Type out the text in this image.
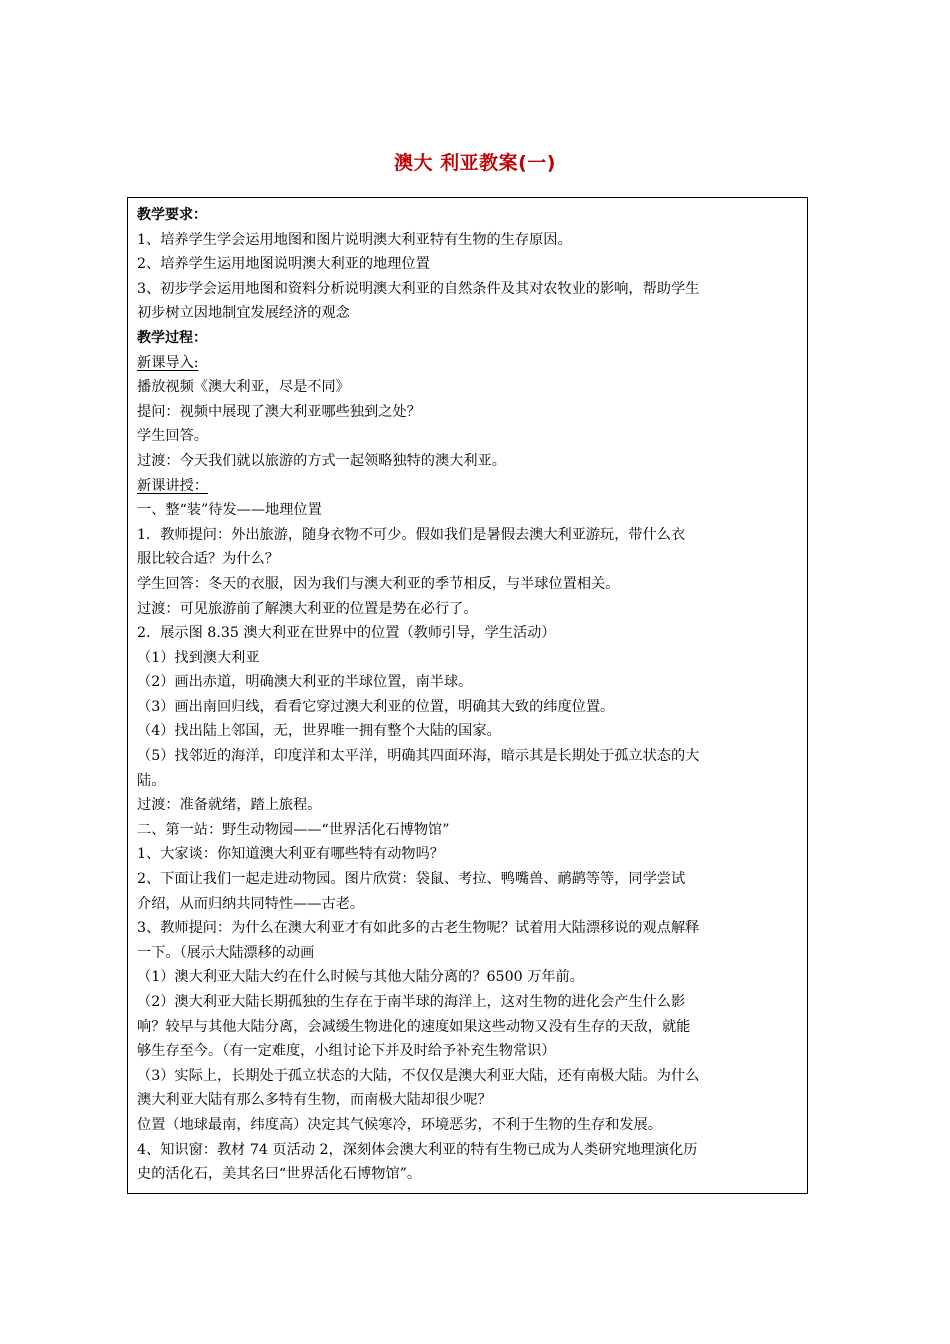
澳大 利亚教案(一)
教学要求：
1、培养学生学会运用地图和图片说明澳大利亚特有生物的生存原因。
2、培养学生运用地图说明澳大利亚的地理位置
3、初步学会运用地图和资料分析说明澳大利亚的自然条件及其对农牧业的影响，帮助学生
初步树立因地制宜发展经济的观念
教学过程：
新课导入:
播放视频《澳大利亚，尽是不同》
提问：视频中展现了澳大利亚哪些独到之处？
学生回答。
过渡：今天我们就以旅游的方式一起领略独特的澳大利亚。
新课讲授：
一、整“装”待发——地理位置
1．教师提问：外出旅游，随身衣物不可少。假如我们是暑假去澳大利亚游玩，带什么衣
服比较合适？为什么？
学生回答：冬天的衣服，因为我们与澳大利亚的季节相反，与半球位置相关。
过渡：可见旅游前了解澳大利亚的位置是势在必行了。
2．展示图 8.35 澳大利亚在世界中的位置（教师引导，学生活动）
（1）找到澳大利亚
（2）画出赤道，明确澳大利亚的半球位置，南半球。
（3）画出南回归线，看看它穿过澳大利亚的位置，明确其大致的纬度位置。
（4）找出陆上邻国，无，世界唯一拥有整个大陆的国家。
（5）找邻近的海洋，印度洋和太平洋，明确其四面环海，暗示其是长期处于孤立状态的大
陆。
过渡：准备就绪，踏上旅程。
二、第一站：野生动物园——“世界活化石博物馆”
1、大家谈：你知道澳大利亚有哪些特有动物吗？
2、下面让我们一起走进动物园。图片欣赏：袋鼠、考拉、鸭嘴兽、鸸鹋等等，同学尝试
介绍，从而归纳共同特性——古老。
3、教师提问：为什么在澳大利亚才有如此多的古老生物呢？试着用大陆漂移说的观点解释
一下。（展示大陆漂移的动画
（1）澳大利亚大陆大约在什么时候与其他大陆分离的？6500 万年前。
（2）澳大利亚大陆长期孤独的生存在于南半球的海洋上，这对生物的进化会产生什么影
响？较早与其他大陆分离，会减缓生物进化的速度如果这些动物又没有生存的天敌，就能
够生存至今。（有一定难度，小组讨论下并及时给予补充生物常识）
（3）实际上，长期处于孤立状态的大陆，不仅仅是澳大利亚大陆，还有南极大陆。为什么
澳大利亚大陆有那么多特有生物，而南极大陆却很少呢？
位置（地球最南，纬度高）决定其气候寒冷，环境恶劣，不利于生物的生存和发展。
4、知识窗：教材 74 页活动 2，深刻体会澳大利亚的特有生物已成为人类研究地理演化历
史的活化石，美其名曰“世界活化石博物馆”。
